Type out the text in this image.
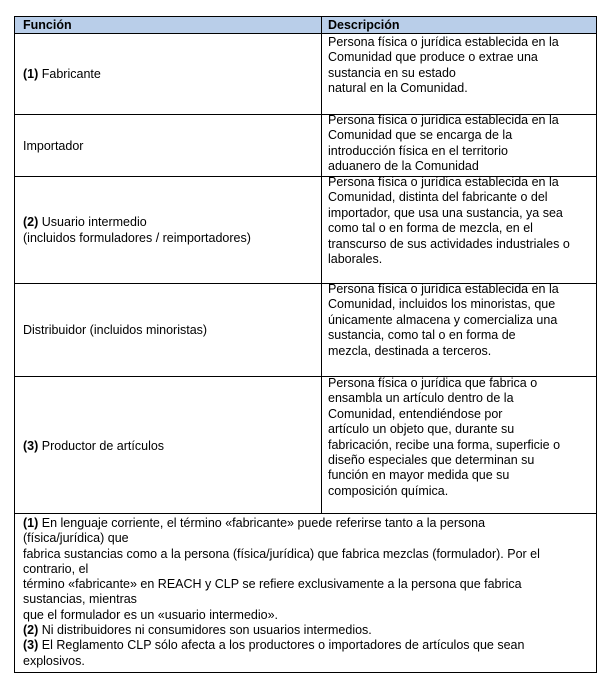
Función	Descripción
(1) Fabricante
Persona física o jurídica establecida en la
Comunidad que produce o extrae una
sustancia en su estado
natural en la Comunidad.
Importador
Persona física o jurídica establecida en la
Comunidad que se encarga de la
introducción física en el territorio
aduanero de la Comunidad
(2) Usuario intermedio
(incluidos formuladores / reimportadores)
Persona física o jurídica establecida en la
Comunidad, distinta del fabricante o del
importador, que usa una sustancia, ya sea
como tal o en forma de mezcla, en el
transcurso de sus actividades industriales o
laborales.
Distribuidor (incluidos minoristas)
Persona física o jurídica establecida en la
Comunidad, incluidos los minoristas, que
únicamente almacena y comercializa una
sustancia, como tal o en forma de
mezcla, destinada a terceros.
(3) Productor de artículos
Persona física o jurídica que fabrica o
ensambla un artículo dentro de la
Comunidad, entendiéndose por
artículo un objeto que, durante su
fabricación, recibe una forma, superficie o
diseño especiales que determinan su
función en mayor medida que su
composición química.
(1) En lenguaje corriente, el término «fabricante» puede referirse tanto a la persona
(física/jurídica) que
fabrica sustancias como a la persona (física/jurídica) que fabrica mezclas (formulador). Por el
contrario, el
término «fabricante» en REACH y CLP se refiere exclusivamente a la persona que fabrica
sustancias, mientras
que el formulador es un «usuario intermedio».
(2) Ni distribuidores ni consumidores son usuarios intermedios.
(3) El Reglamento CLP sólo afecta a los productores o importadores de artículos que sean
explosivos.
